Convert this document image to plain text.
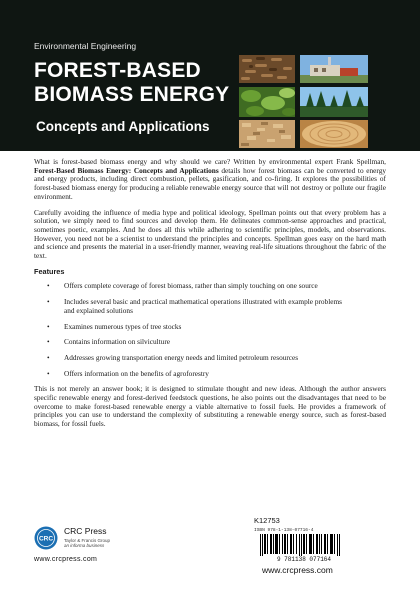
Environmental Engineering
FOREST-BASED BIOMASS ENERGY
Concepts and Applications

What is forest-based biomass energy and why should we care? Written by environmental expert Frank Spellman, Forest-Based Biomass Energy: Concepts and Applications details how forest biomass can be converted to energy and energy products, including direct combustion, pellets, gasification, and co-firing. It explores the possibilities of forest-based biomass energy for producing a reliable renewable energy source that will not destroy or pollute our fragile environment.

Carefully avoiding the influence of media hype and political ideology, Spellman points out that every problem has a solution, we simply need to find sources and develop them. He delineates common-sense approaches and practical, sometimes poetic, examples. And he does all this while adhering to scientific principles, models, and observations. However, you need not be a scientist to understand the principles and concepts. Spellman goes easy on the hard math and science and presents the material in a user-friendly manner, weaving real-life situations throughout the fabric of the text.

Features
• Offers complete coverage of forest biomass, rather than simply touching on one source
• Includes several basic and practical mathematical operations illustrated with example problems and explained solutions
• Examines numerous types of tree stocks
• Contains information on silviculture
• Addresses growing transportation energy needs and limited petroleum resources
• Offers information on the benefits of agroforestry

This is not merely an answer book; it is designed to stimulate thought and new ideas. Although the author answers specific renewable energy and forest-derived feedstock questions, he also points out the disadvantages that need to be overcome to make forest-based renewable energy a viable alternative to fossil fuels. He provides a framework of principles you can use to understand the complexity of substituting a renewable energy source, such as forest-based biomass, for fossil fuels.

K12753
ISBN 978-1-138-07716-4
9 781138 077164
www.crcpress.com
CRC
CRC Press
Taylor & Francis Group
an informa business
www.crcpress.com
